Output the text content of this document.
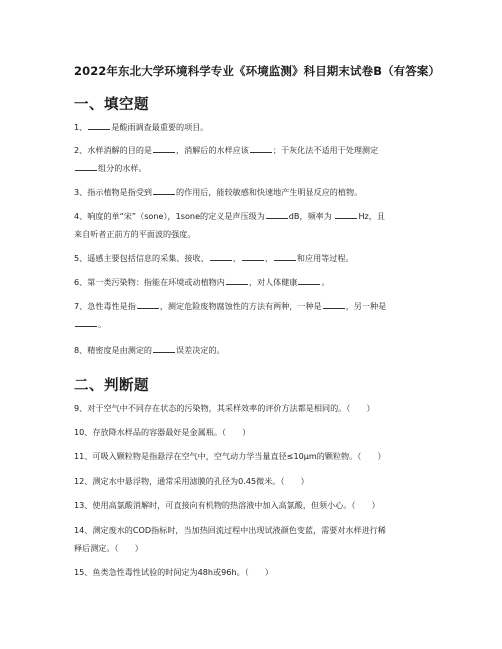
2022年东北大学环境科学专业《环境监测》科目期末试卷B（有答案）
一、填空题
1、	是酸雨调查最重要的项目。
2、水样消解的目的是	，消解后的水样应该	；干灰化法不适用于处理测定
组分的水样。
3、指示植物是指受到	的作用后，能较敏感和快速地产生明显反应的植物。
4、响度的单“宋”（sone），1sone的定义是声压级为	dB，频率为	Hz，且
来自听者正前方的平面波的强度。
5、遥感主要包括信息的采集、接收、	、	、	和应用等过程。
6、第一类污染物：指能在环境或动植物内	，对人体健康	。
7、急性毒性是指	，测定危险废物腐蚀性的方法有两种，一种是	，另一种是
。
8、精密度是由测定的	误差决定的。
二、判断题
9、对于空气中不同存在状态的污染物，其采样效率的评价方法都是相同的。（　　）
10、存放降水样品的容器最好是金属瓶。（　　）
11、可吸入颗粒物是指悬浮在空气中，空气动力学当量直径≤10μm的颗粒物。（　　）
12、测定水中悬浮物，通常采用滤膜的孔径为0.45微米。（　　）
13、使用高氯酸消解时，可直接向有机物的热溶液中加入高氯酸，但须小心。（　　）
14、测定废水的COD指标时，当加热回流过程中出现试液颜色变蓝，需要对水样进行稀
释后测定。（　　）
15、鱼类急性毒性试验的时间定为48h或96h。（　　）
